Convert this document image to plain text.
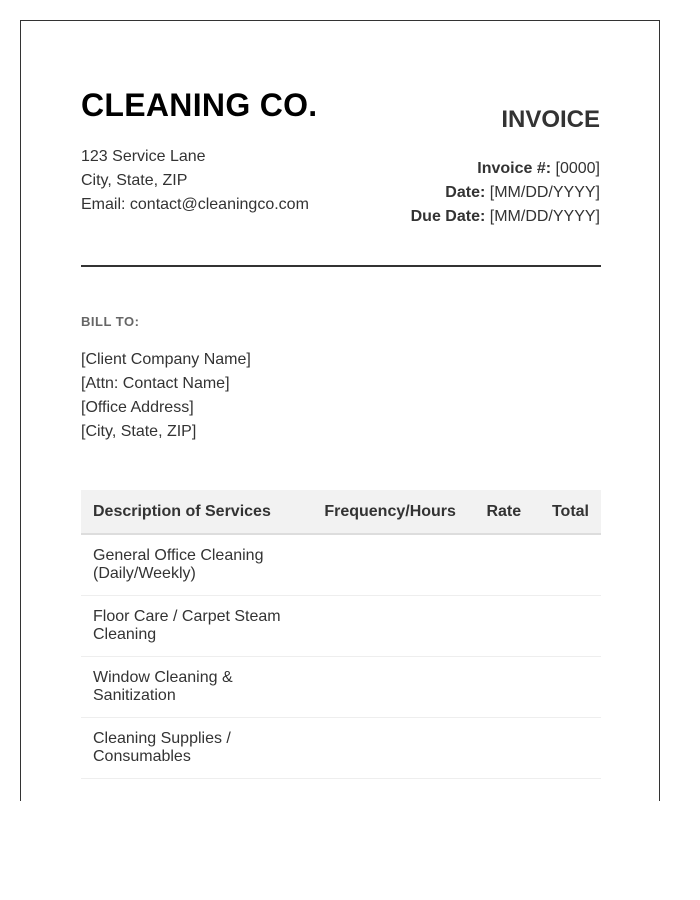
CLEANING CO.
123 Service Lane
City, State, ZIP
Email: contact@cleaningco.com
INVOICE
Invoice #: [0000]
Date: [MM/DD/YYYY]
Due Date: [MM/DD/YYYY]
BILL TO:
[Client Company Name]
[Attn: Contact Name]
[Office Address]
[City, State, ZIP]
Description of Services	Frequency/Hours	Rate	Total
General Office Cleaning (Daily/Weekly)			
Floor Care / Carpet Steam Cleaning			
Window Cleaning & Sanitization			
Cleaning Supplies / Consumables			
